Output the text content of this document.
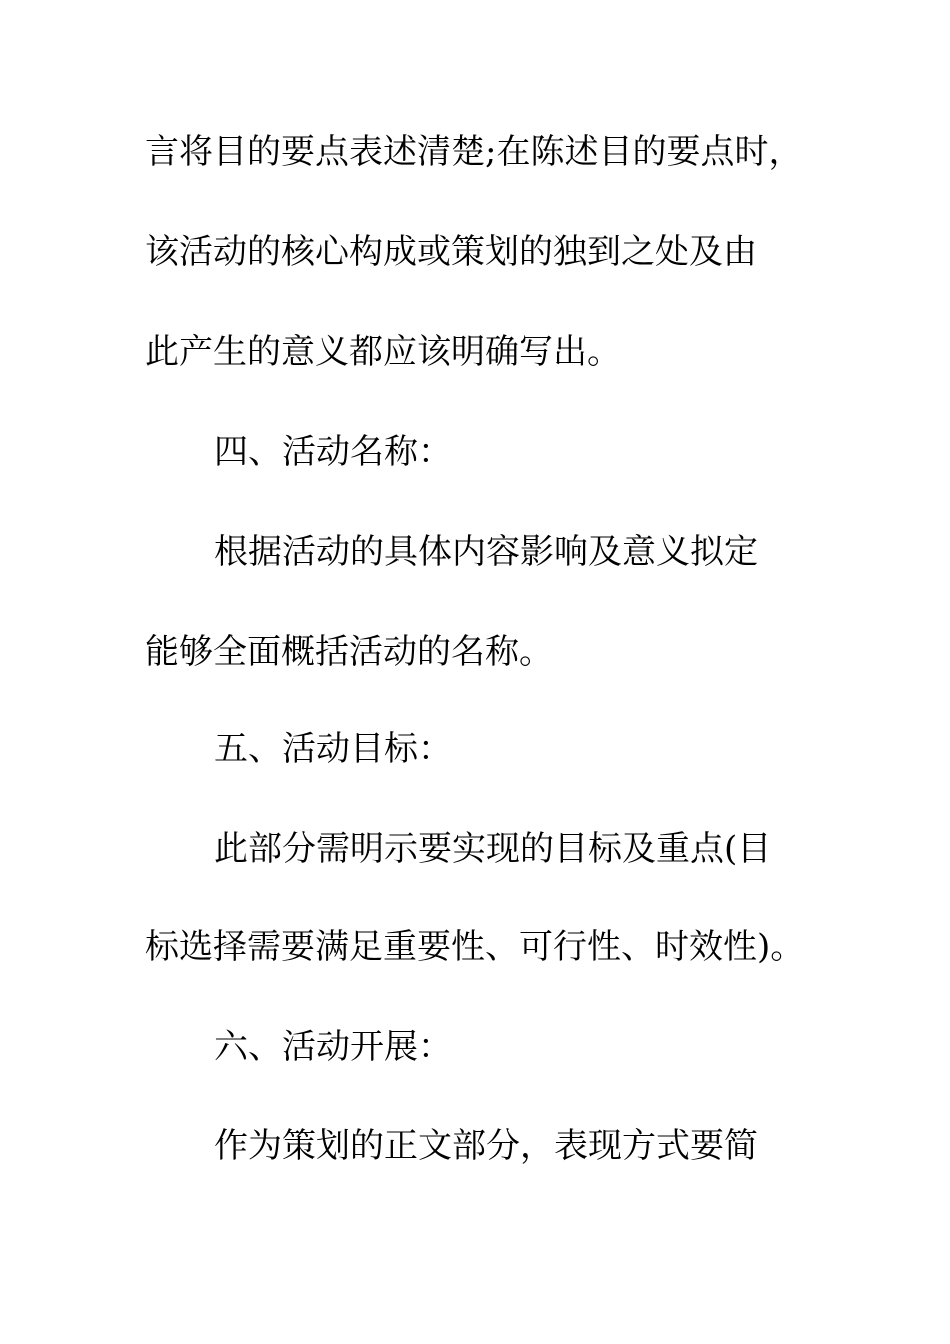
言将目的要点表述清楚;在陈述目的要点时，
该活动的核心构成或策划的独到之处及由
此产生的意义都应该明确写出。
四、活动名称：
根据活动的具体内容影响及意义拟定
能够全面概括活动的名称。
五、活动目标：
此部分需明示要实现的目标及重点(目
标选择需要满足重要性、可行性、时效性)。
六、活动开展：
作为策划的正文部分，表现方式要简
